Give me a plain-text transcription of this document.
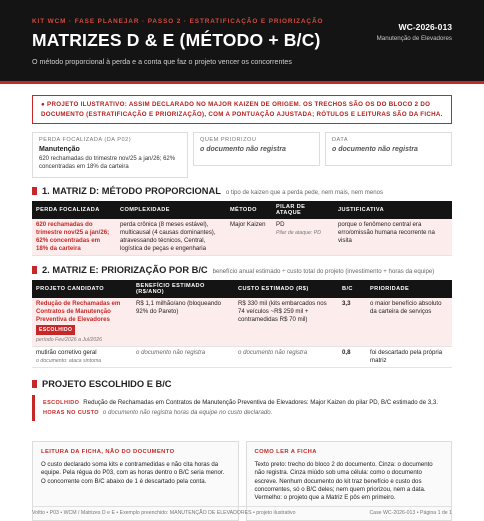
KIT WCM · FASE PLANEJAR · PASSO 2 · ESTRATIFICAÇÃO E PRIORIZAÇÃO
MATRIZES D & E (MÉTODO + B/C)
O método proporcional à perda e a conta que faz o projeto vencer os concorrentes
WC-2026-013
Manutenção de Elevadores
● PROJETO ILUSTRATIVO: ASSIM DECLARADO NO MAJOR KAIZEN DE ORIGEM. OS TRECHOS SÃO OS DO BLOCO 2 DO DOCUMENTO (ESTRATIFICAÇÃO E PRIORIZAÇÃO), COM A PONTUAÇÃO AJUSTADA; RÓTULOS E LEITURAS SÃO DA FICHA.
PERDA FOCALIZADA (DA P02)
Manutenção
620 rechamadas do trimestre nov/25 a jan/26; 62% concentradas em 18% da carteira
QUEM PRIORIZOU
o documento não registra
DATA
o documento não registra
1. MATRIZ D: MÉTODO PROPORCIONAL o tipo de kaizen que a perda pede, nem mais, nem menos
PERDA FOCALIZADA	COMPLEXIDADE	MÉTODO	PILAR DE ATAQUE	JUSTIFICATIVA
620 rechamadas do trimestre nov/25 a jan/26; 62% concentradas em 18% da carteira	perda crônica (8 meses estável), multicausal (4 causas dominantes), atravessando técnicos, Central, logística de peças e engenharia	Major Kaizen	PD
Pilar de ataque: PD	porque o fenômeno central era erro/omissão humana recorrente na visita
2. MATRIZ E: PRIORIZAÇÃO POR B/C benefício anual estimado ÷ custo total do projeto (investimento + horas da equipe)
PROJETO CANDIDATO	BENEFÍCIO ESTIMADO (R$/ANO)	CUSTO ESTIMADO (R$)	B/C	PRIORIDADE

Redução de Rechamadas em Contratos de Manutenção Preventiva de Elevadores
ESCOLHIDO
período Fev/2026 a Jul/2026	R$ 1,1 milhão/ano (bloqueando 92% do Pareto)	R$ 330 mil (kits embarcados nos 74 veículos ~R$ 259 mil + contramedidas R$ 70 mil)	3,3	o maior benefício absoluto da carteira de serviços

mutirão corretivo geral
o documento: ataca sintoma	o documento não registra	o documento não registra	0,8	foi descartado pela própria matriz
PROJETO ESCOLHIDO E B/C
ESCOLHIDO Redução de Rechamadas em Contratos de Manutenção Preventiva de Elevadores: Major Kaizen do pilar PD, B/C estimado de 3,3.
HORAS NO CUSTO o documento não registra horas da equipe no custo declarado.
LEITURA DA FICHA, NÃO DO DOCUMENTO
O custo declarado soma kits e contramedidas e não cita horas da equipe. Pela régua do P03, com as horas dentro o B/C seria menor. O concorrente com B/C abaixo de 1 é descartado pela conta.
COMO LER A FICHA
Texto preto: trecho do bloco 2 do documento. Cinza: o documento não registra. Cinza miúdo sob uma célula: como o documento escreve. Nenhum documento do kit traz benefício e custo dos concorrentes, só o B/C deles; nem quem priorizou, nem a data. Vermelho: o projeto que a Matriz E pôs em primeiro.
Voltto • P03 • WCM / Matrizes D e E • Exemplo preenchido: MANUTENÇÃO DE ELEVADORES • projeto ilustrativo	Case WC-2026-013 • Página 1 de 1
